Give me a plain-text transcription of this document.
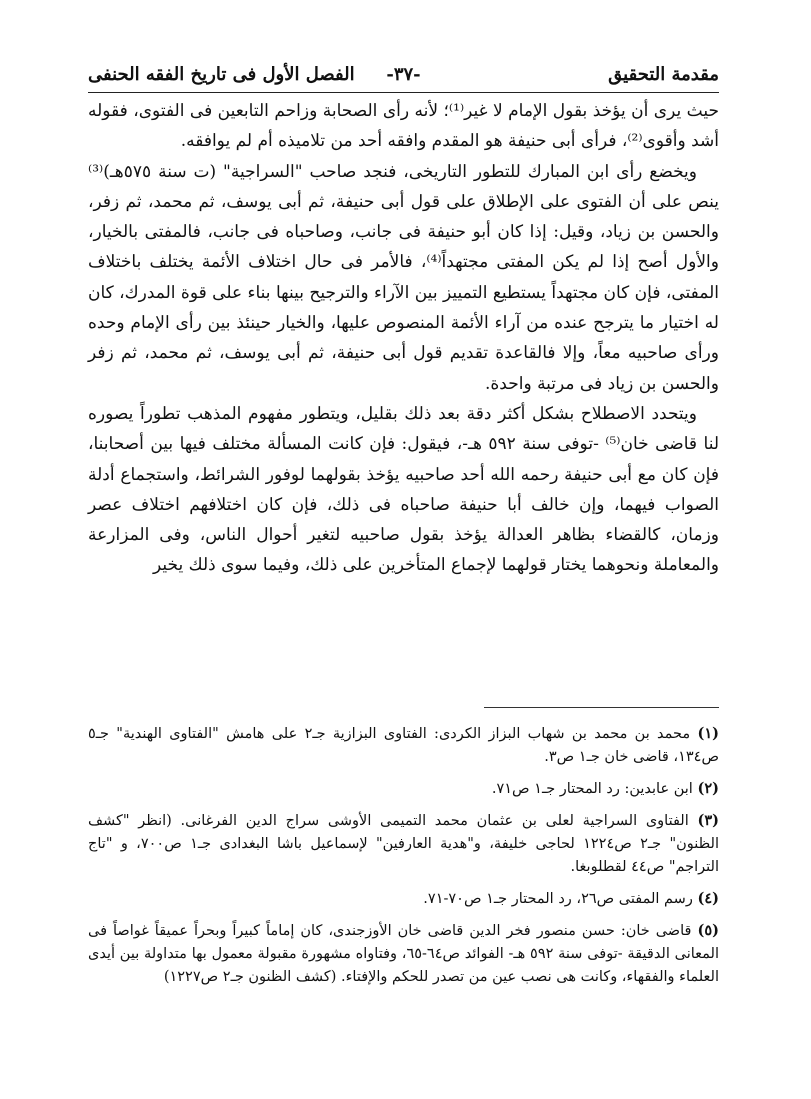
مقدمة التحقيق
-٣٧-
الفصل الأول فى تاريخ الفقه الحنفى

حيث يرى أن يؤخذ بقول الإمام لا غير⁽¹⁾؛ لأنه رأى الصحابة وزاحم التابعين فى الفتوى، فقوله أشد وأقوى⁽²⁾، فرأى أبى حنيفة هو المقدم وافقه أحد من تلاميذه أم لم يوافقه.

ويخضع رأى ابن المبارك للتطور التاريخى، فنجد صاحب "السراجية" (ت سنة ٥٧٥هـ)⁽³⁾ ينص على أن الفتوى على الإطلاق على قول أبى حنيفة، ثم أبى يوسف، ثم محمد، ثم زفر، والحسن بن زياد، وقيل: إذا كان أبو حنيفة فى جانب، وصاحباه فى جانب، فالمفتى بالخيار، والأول أصح إذا لم يكن المفتى مجتهداً⁽⁴⁾، فالأمر فى حال اختلاف الأئمة يختلف باختلاف المفتى، فإن كان مجتهداً يستطيع التمييز بين الآراء والترجيح بينها بناء على قوة المدرك، كان له اختيار ما يترجح عنده من آراء الأئمة المنصوص عليها، والخيار حينئذ بين رأى الإمام وحده ورأى صاحبيه معاً، وإلا فالقاعدة تقديم قول أبى حنيفة، ثم أبى يوسف، ثم محمد، ثم زفر والحسن بن زياد فى مرتبة واحدة.

ويتحدد الاصطلاح بشكل أكثر دقة بعد ذلك بقليل، ويتطور مفهوم المذهب تطوراً يصوره لنا قاضى خان⁽⁵⁾ -توفى سنة ٥٩٢ هـ-، فيقول: فإن كانت المسألة مختلف فيها بين أصحابنا، فإن كان مع أبى حنيفة رحمه الله أحد صاحبيه يؤخذ بقولهما لوفور الشرائط، واستجماع أدلة الصواب فيهما، وإن خالف أبا حنيفة صاحباه فى ذلك، فإن كان اختلافهم اختلاف عصر وزمان، كالقضاء بظاهر العدالة يؤخذ بقول صاحبيه لتغير أحوال الناس، وفى المزارعة والمعاملة ونحوهما يختار قولهما لإجماع المتأخرين على ذلك، وفيما سوى ذلك يخير

(١) محمد بن محمد بن شهاب البزاز الكردى: الفتاوى البزازية جـ٢ على هامش "الفتاوى الهندية" جـ٥ ص١٣٤، قاضى خان جـ١ ص٣.

(٢) ابن عابدين: رد المحتار جـ١ ص٧١.

(٣) الفتاوى السراجية لعلى بن عثمان محمد التميمى الأوشى سراج الدين الفرغانى. (انظر "كشف الظنون" جـ٢ ص١٢٢٤ لحاجى خليفة، و"هدية العارفين" لإسماعيل باشا البغدادى جـ١ ص٧٠٠، و "تاج التراجم" ص٤٤ لقطلوبغا.

(٤) رسم المفتى ص٢٦، رد المحتار جـ١ ص٧٠-٧١.

(٥) قاضى خان: حسن منصور فخر الدين قاضى خان الأوزجندى، كان إماماً كبيراً وبحراً عميقاً غواصاً فى المعانى الدقيقة -توفى سنة ٥٩٢ هـ- الفوائد ص٦٤-٦٥، وفتاواه مشهورة مقبولة معمول بها متداولة بين أيدى العلماء والفقهاء، وكانت هى نصب عين من تصدر للحكم والإفتاء. (كشف الظنون جـ٢ ص١٢٢٧)
